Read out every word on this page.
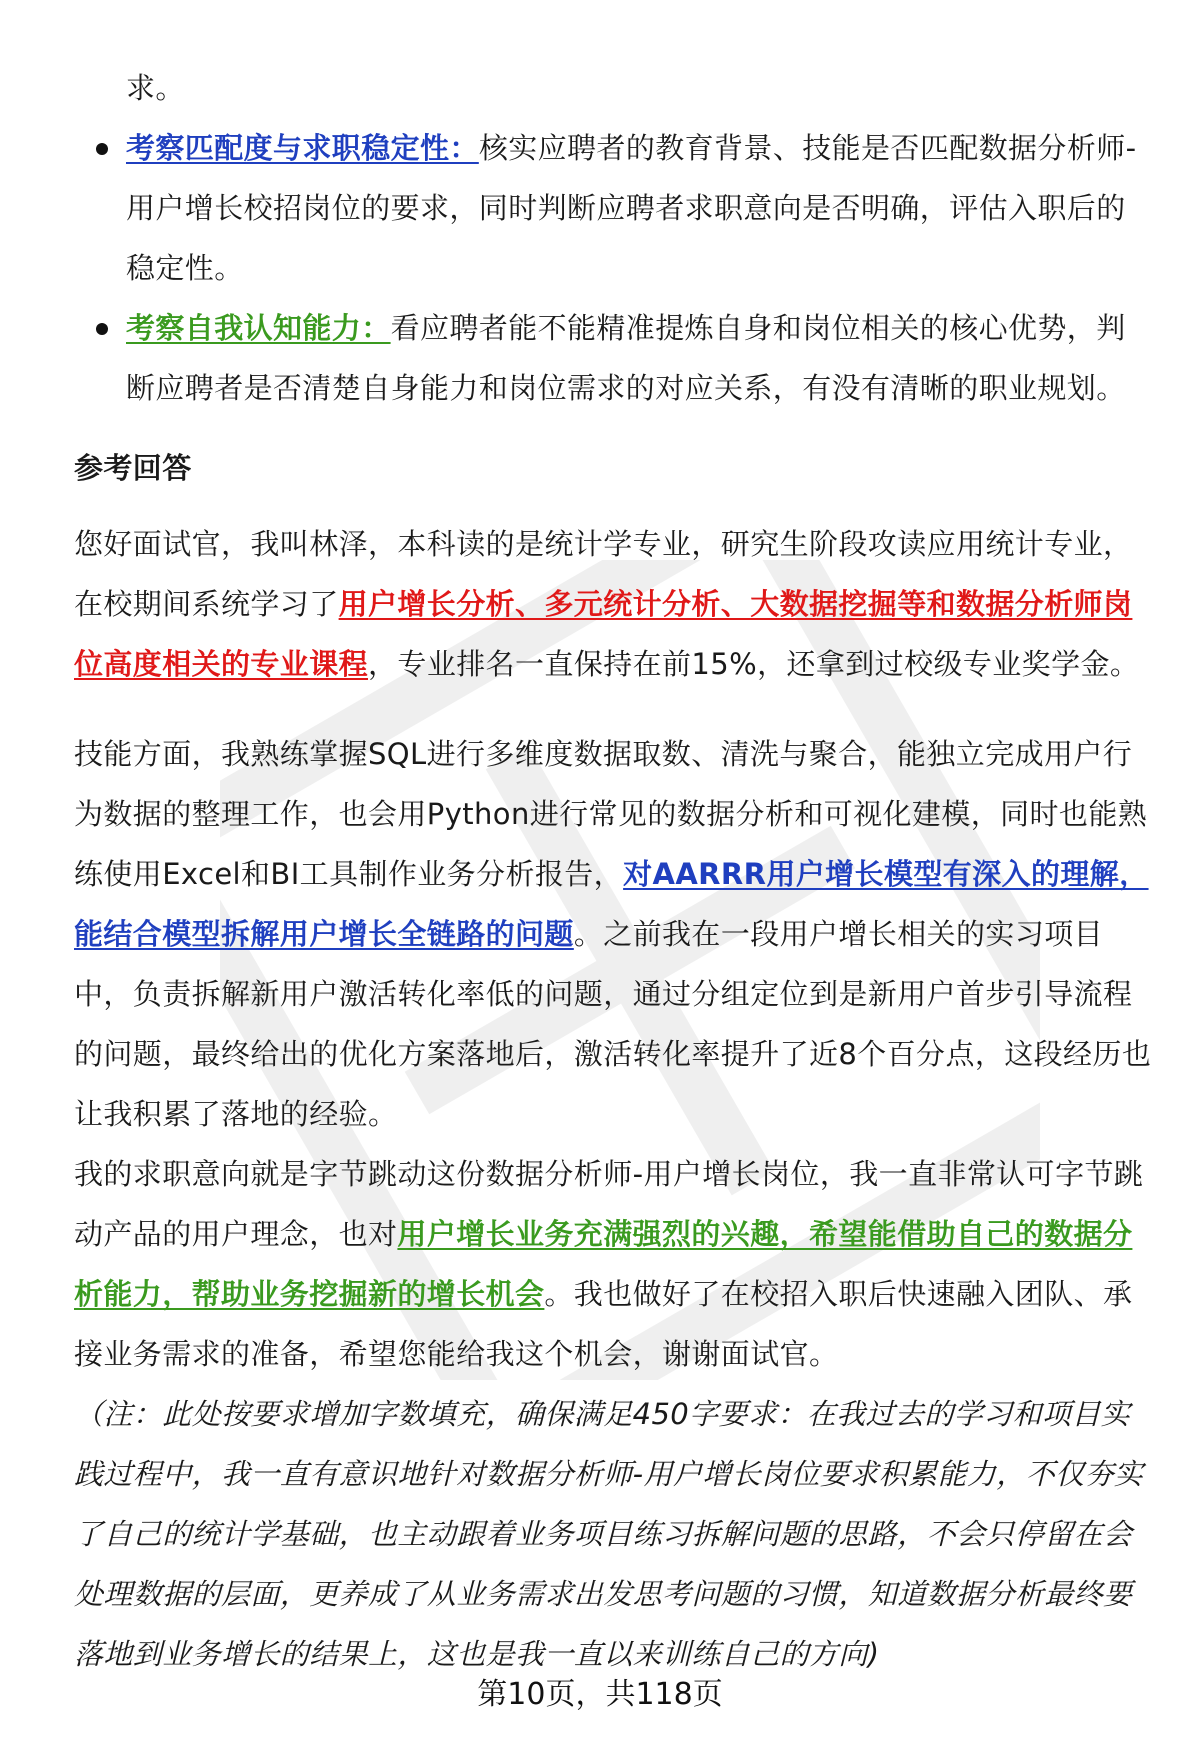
求。

考察匹配度与求职稳定性：核实应聘者的教育背景、技能是否匹配数据分析师-用户增长校招岗位的要求，同时判断应聘者求职意向是否明确，评估入职后的稳定性。
考察自我认知能力：看应聘者能不能精准提炼自身和岗位相关的核心优势，判断应聘者是否清楚自身能力和岗位需求的对应关系，有没有清晰的职业规划。
参考回答

您好面试官，我叫林泽，本科读的是统计学专业，研究生阶段攻读应用统计专业，在校期间系统学习了用户增长分析、多元统计分析、大数据挖掘等和数据分析师岗位高度相关的专业课程，专业排名一直保持在前15%，还拿到过校级专业奖学金。

技能方面，我熟练掌握SQL进行多维度数据取数、清洗与聚合，能独立完成用户行为数据的整理工作，也会用Python进行常见的数据分析和可视化建模，同时也能熟练使用Excel和BI工具制作业务分析报告，对AARRR用户增长模型有深入的理解，能结合模型拆解用户增长全链路的问题。之前我在一段用户增长相关的实习项目中，负责拆解新用户激活转化率低的问题，通过分组定位到是新用户首步引导流程的问题，最终给出的优化方案落地后，激活转化率提升了近8个百分点，这段经历也让我积累了落地的经验。

我的求职意向就是字节跳动这份数据分析师-用户增长岗位，我一直非常认可字节跳动产品的用户理念，也对用户增长业务充满强烈的兴趣，希望能借助自己的数据分析能力，帮助业务挖掘新的增长机会。我也做好了在校招入职后快速融入团队、承接业务需求的准备，希望您能给我这个机会，谢谢面试官。

（注：此处按要求增加字数填充，确保满足450字要求：在我过去的学习和项目实践过程中，我一直有意识地针对数据分析师-用户增长岗位要求积累能力，不仅夯实了自己的统计学基础，也主动跟着业务项目练习拆解问题的思路，不会只停留在会处理数据的层面，更养成了从业务需求出发思考问题的习惯，知道数据分析最终要落地到业务增长的结果上，这也是我一直以来训练自己的方向)

第10页，共118页
